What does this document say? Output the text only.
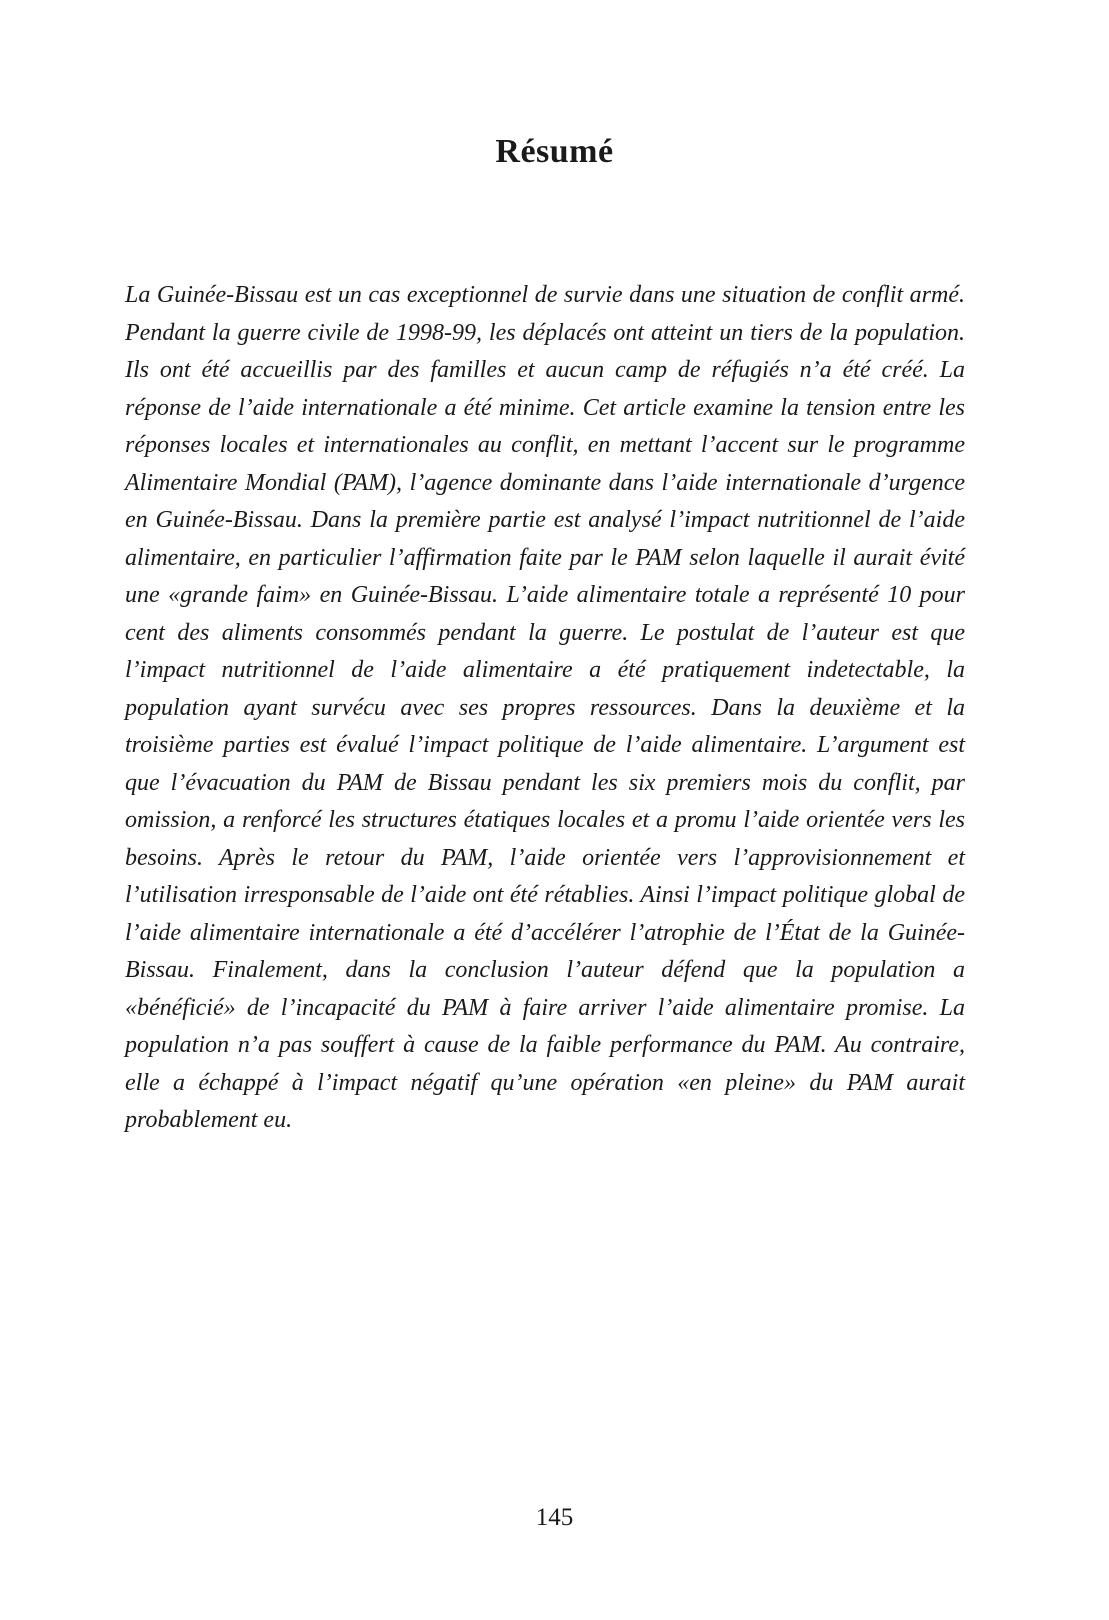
Résumé

La Guinée-Bissau est un cas exceptionnel de survie dans une situation de conflit armé. Pendant la guerre civile de 1998-99, les déplacés ont atteint un tiers de la population. Ils ont été accueillis par des familles et aucun camp de réfugiés n’a été créé. La réponse de l’aide internationale a été minime. Cet article examine la tension entre les réponses locales et internationales au conflit, en mettant l’accent sur le programme Alimentaire Mondial (PAM), l’agence dominante dans l’aide internationale d’urgence en Guinée-Bissau. Dans la première partie est analysé l’impact nutritionnel de l’aide alimentaire, en particulier l’affirmation faite par le PAM selon laquelle il aurait évité une «grande faim» en Guinée-Bissau. L’aide alimentaire totale a représenté 10 pour cent des aliments consommés pendant la guerre. Le postulat de l’auteur est que l’impact nutritionnel de l’aide alimentaire a été pratiquement indetectable, la population ayant survécu avec ses propres ressources. Dans la deuxième et la troisième parties est évalué l’impact politique de l’aide alimentaire. L’argument est que l’évacuation du PAM de Bissau pendant les six premiers mois du conflit, par omission, a renforcé les structures étatiques locales et a promu l’aide orientée vers les besoins. Après le retour du PAM, l’aide orientée vers l’approvisionnement et l’utilisation irresponsable de l’aide ont été rétablies. Ainsi l’impact politique global de l’aide alimentaire internationale a été d’accélérer l’atrophie de l’État de la Guinée-Bissau. Finalement, dans la conclusion l’auteur défend que la population a «bénéficié» de l’incapacité du PAM à faire arriver l’aide alimentaire promise. La population n’a pas souffert à cause de la faible performance du PAM. Au contraire, elle a échappé à l’impact négatif qu’une opération «en pleine» du PAM aurait probablement eu.

145
